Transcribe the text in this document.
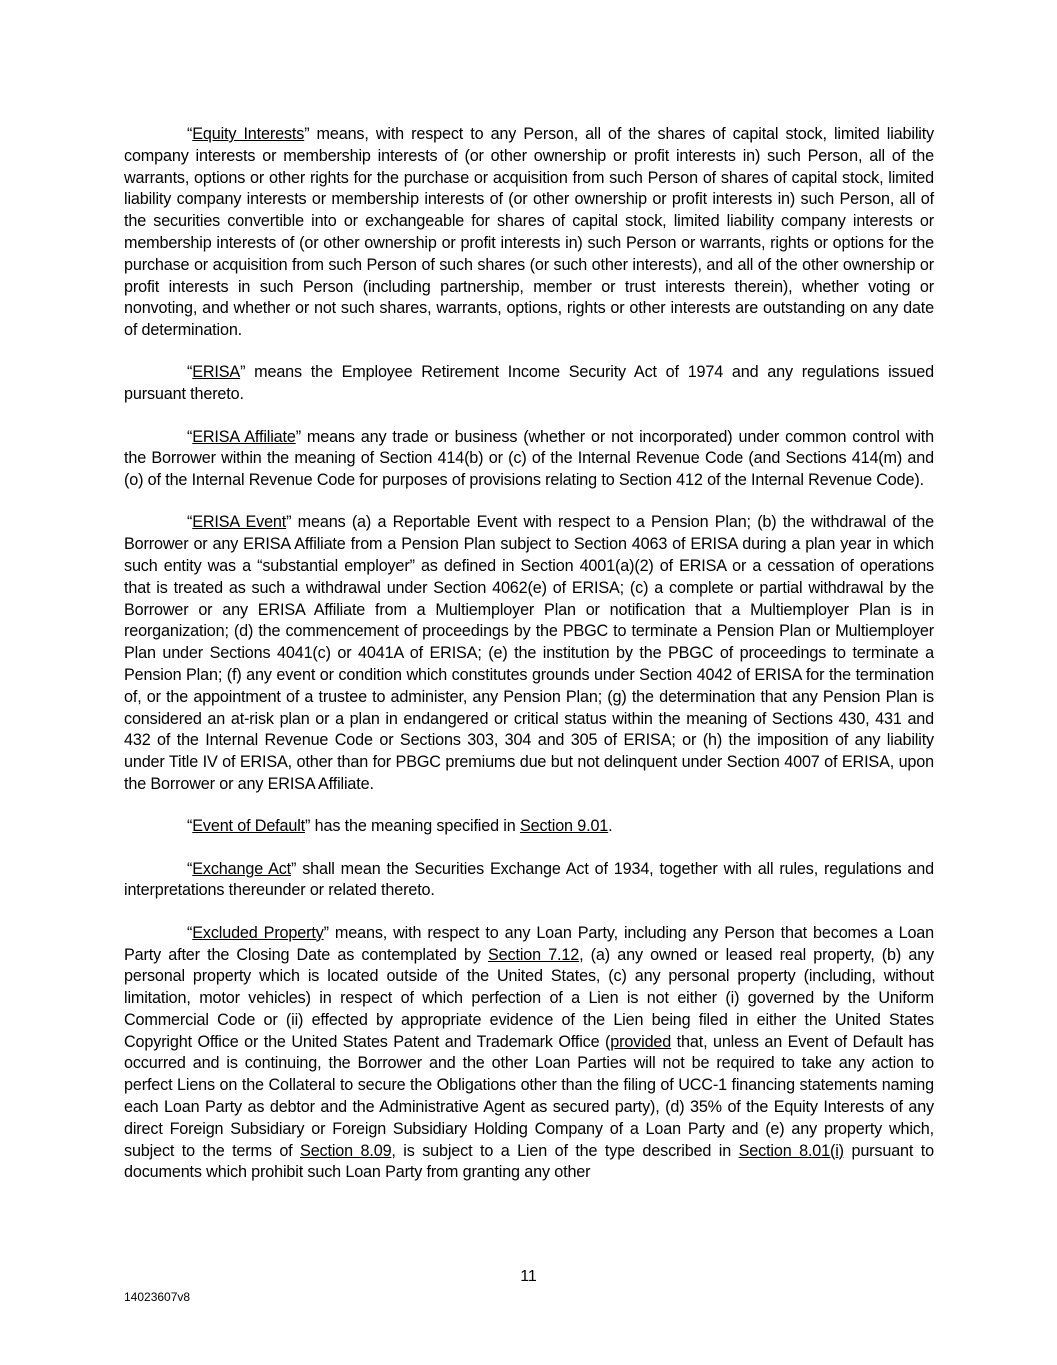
“Equity Interests” means, with respect to any Person, all of the shares of capital stock, limited liability company interests or membership interests of (or other ownership or profit interests in) such Person, all of the warrants, options or other rights for the purchase or acquisition from such Person of shares of capital stock, limited liability company interests or membership interests of (or other ownership or profit interests in) such Person, all of the securities convertible into or exchangeable for shares of capital stock, limited liability company interests or membership interests of (or other ownership or profit interests in) such Person or warrants, rights or options for the purchase or acquisition from such Person of such shares (or such other interests), and all of the other ownership or profit interests in such Person (including partnership, member or trust interests therein), whether voting or nonvoting, and whether or not such shares, warrants, options, rights or other interests are outstanding on any date of determination.

“ERISA” means the Employee Retirement Income Security Act of 1974 and any regulations issued pursuant thereto.

“ERISA Affiliate” means any trade or business (whether or not incorporated) under common control with the Borrower within the meaning of Section 414(b) or (c) of the Internal Revenue Code (and Sections 414(m) and (o) of the Internal Revenue Code for purposes of provisions relating to Section 412 of the Internal Revenue Code).

“ERISA Event” means (a) a Reportable Event with respect to a Pension Plan; (b) the withdrawal of the Borrower or any ERISA Affiliate from a Pension Plan subject to Section 4063 of ERISA during a plan year in which such entity was a “substantial employer” as defined in Section 4001(a)(2) of ERISA or a cessation of operations that is treated as such a withdrawal under Section 4062(e) of ERISA; (c) a complete or partial withdrawal by the Borrower or any ERISA Affiliate from a Multiemployer Plan or notification that a Multiemployer Plan is in reorganization; (d) the commencement of proceedings by the PBGC to terminate a Pension Plan or Multiemployer Plan under Sections 4041(c) or 4041A of ERISA; (e) the institution by the PBGC of proceedings to terminate a Pension Plan; (f) any event or condition which constitutes grounds under Section 4042 of ERISA for the termination of, or the appointment of a trustee to administer, any Pension Plan; (g) the determination that any Pension Plan is considered an at-risk plan or a plan in endangered or critical status within the meaning of Sections 430, 431 and 432 of the Internal Revenue Code or Sections 303, 304 and 305 of ERISA; or (h) the imposition of any liability under Title IV of ERISA, other than for PBGC premiums due but not delinquent under Section 4007 of ERISA, upon the Borrower or any ERISA Affiliate.

“Event of Default” has the meaning specified in Section 9.01.

“Exchange Act” shall mean the Securities Exchange Act of 1934, together with all rules, regulations and interpretations thereunder or related thereto.

“Excluded Property” means, with respect to any Loan Party, including any Person that becomes a Loan Party after the Closing Date as contemplated by Section 7.12, (a) any owned or leased real property, (b) any personal property which is located outside of the United States, (c) any personal property (including, without limitation, motor vehicles) in respect of which perfection of a Lien is not either (i) governed by the Uniform Commercial Code or (ii) effected by appropriate evidence of the Lien being filed in either the United States Copyright Office or the United States Patent and Trademark Office (provided that, unless an Event of Default has occurred and is continuing, the Borrower and the other Loan Parties will not be required to take any action to perfect Liens on the Collateral to secure the Obligations other than the filing of UCC-1 financing statements naming each Loan Party as debtor and the Administrative Agent as secured party), (d) 35% of the Equity Interests of any direct Foreign Subsidiary or Foreign Subsidiary Holding Company of a Loan Party and (e) any property which, subject to the terms of Section 8.09, is subject to a Lien of the type described in Section 8.01(i) pursuant to documents which prohibit such Loan Party from granting any other

11
14023607v8
